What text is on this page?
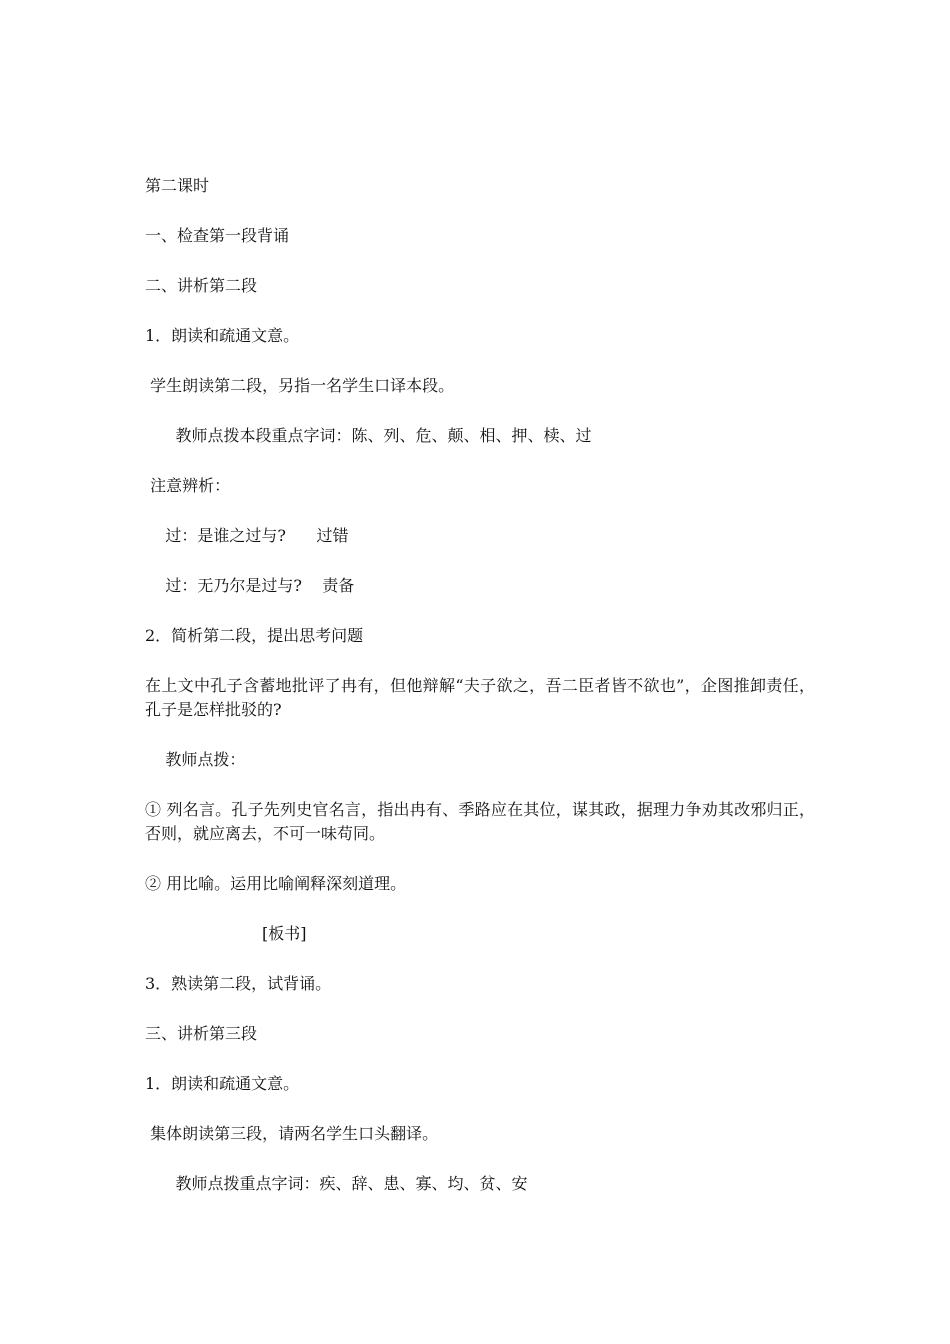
第二课时
一、检查第一段背诵
二、讲析第二段
1．朗读和疏通文意。
学生朗读第二段，另指一名学生口译本段。
教师点拨本段重点字词：陈、列、危、颠、相、押、椟、过
注意辨析：
过：是谁之过与?      过错
过：无乃尔是过与?    责备
2．简析第二段，提出思考问题
在上文中孔子含蓄地批评了冉有，但他辩解“夫子欲之，吾二臣者皆不欲也”，企图推卸责任，孔子是怎样批驳的?
教师点拨：
① 列名言。孔子先列史官名言，指出冉有、季路应在其位，谋其政，据理力争劝其改邪归正，否则，就应离去，不可一味苟同。
② 用比喻。运用比喻阐释深刻道理。
[板书]
3．熟读第二段，试背诵。
三、讲析第三段
1．朗读和疏通文意。
集体朗读第三段，请两名学生口头翻译。
教师点拨重点字词：疾、辞、患、寡、均、贫、安
